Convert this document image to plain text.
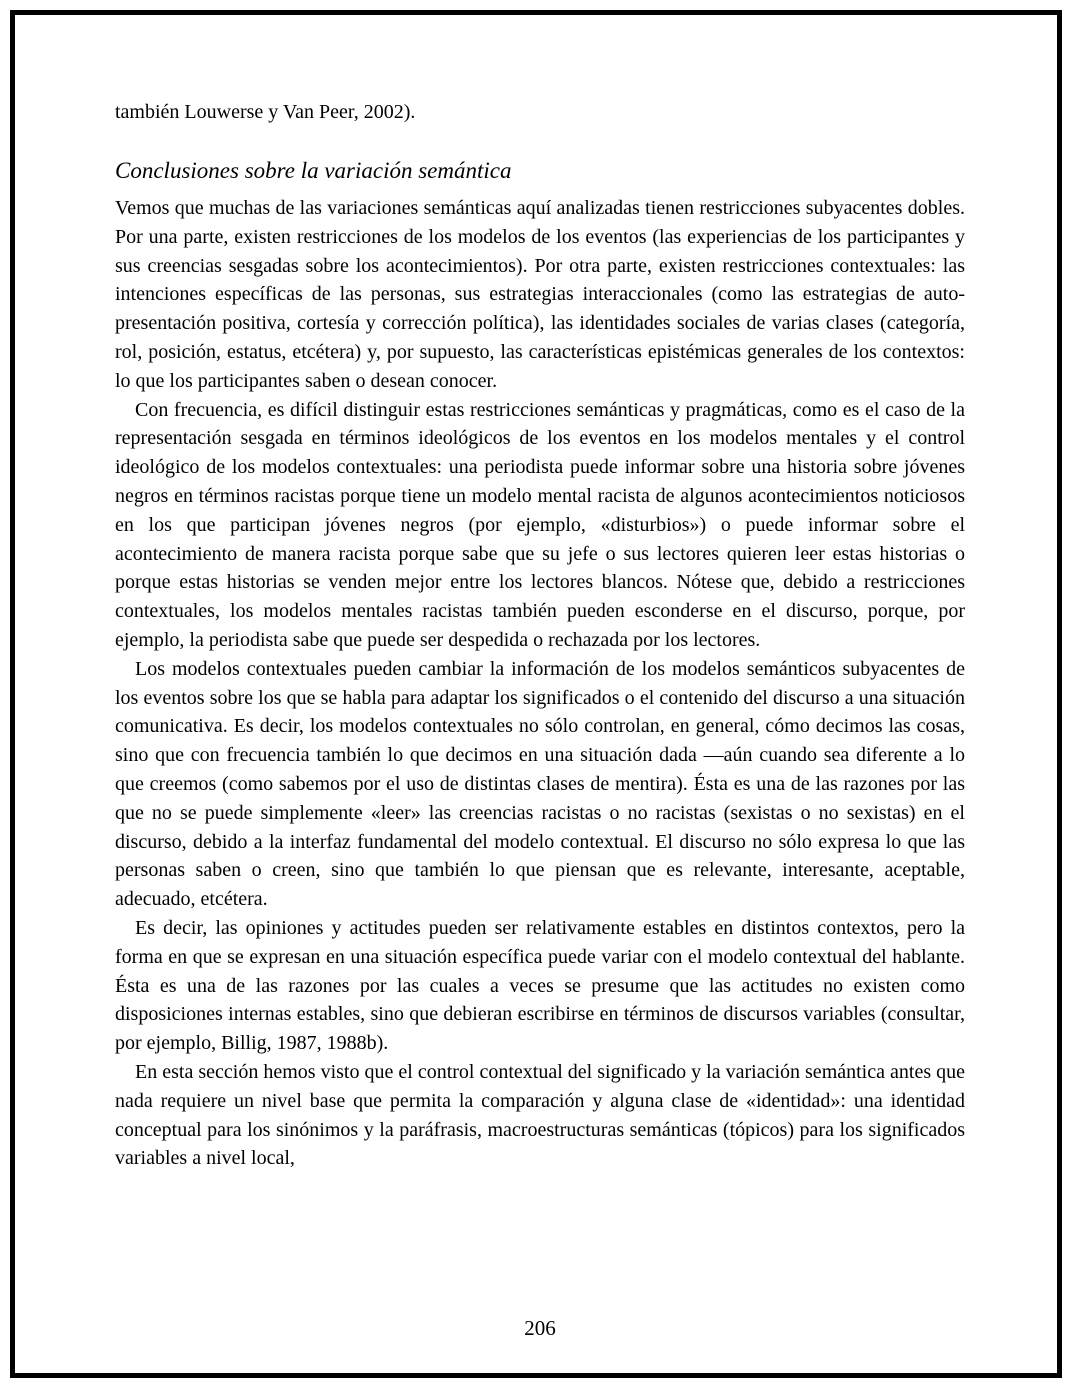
también Louwerse y Van Peer, 2002).

Conclusiones sobre la variación semántica

Vemos que muchas de las variaciones semánticas aquí analizadas tienen restricciones subyacentes dobles. Por una parte, existen restricciones de los modelos de los eventos (las experiencias de los participantes y sus creencias sesgadas sobre los acontecimientos). Por otra parte, existen restricciones contextuales: las intenciones específicas de las personas, sus estrategias interaccionales (como las estrategias de auto-presentación positiva, cortesía y corrección política), las identidades sociales de varias clases (categoría, rol, posición, estatus, etcétera) y, por supuesto, las características epistémicas generales de los contextos: lo que los participantes saben o desean conocer.

Con frecuencia, es difícil distinguir estas restricciones semánticas y pragmáticas, como es el caso de la representación sesgada en términos ideológicos de los eventos en los modelos mentales y el control ideológico de los modelos contextuales: una periodista puede informar sobre una historia sobre jóvenes negros en términos racistas porque tiene un modelo mental racista de algunos acontecimientos noticiosos en los que participan jóvenes negros (por ejemplo, «disturbios») o puede informar sobre el acontecimiento de manera racista porque sabe que su jefe o sus lectores quieren leer estas historias o porque estas historias se venden mejor entre los lectores blancos. Nótese que, debido a restricciones contextuales, los modelos mentales racistas también pueden esconderse en el discurso, porque, por ejemplo, la periodista sabe que puede ser despedida o rechazada por los lectores.

Los modelos contextuales pueden cambiar la información de los modelos semánticos subyacentes de los eventos sobre los que se habla para adaptar los significados o el contenido del discurso a una situación comunicativa. Es decir, los modelos contextuales no sólo controlan, en general, cómo decimos las cosas, sino que con frecuencia también lo que decimos en una situación dada —aún cuando sea diferente a lo que creemos (como sabemos por el uso de distintas clases de mentira). Ésta es una de las razones por las que no se puede simplemente «leer» las creencias racistas o no racistas (sexistas o no sexistas) en el discurso, debido a la interfaz fundamental del modelo contextual. El discurso no sólo expresa lo que las personas saben o creen, sino que también lo que piensan que es relevante, interesante, aceptable, adecuado, etcétera.

Es decir, las opiniones y actitudes pueden ser relativamente estables en distintos contextos, pero la forma en que se expresan en una situación específica puede variar con el modelo contextual del hablante. Ésta es una de las razones por las cuales a veces se presume que las actitudes no existen como disposiciones internas estables, sino que debieran escribirse en términos de discursos variables (consultar, por ejemplo, Billig, 1987, 1988b).

En esta sección hemos visto que el control contextual del significado y la variación semántica antes que nada requiere un nivel base que permita la comparación y alguna clase de «identidad»: una identidad conceptual para los sinónimos y la paráfrasis, macroestructuras semánticas (tópicos) para los significados variables a nivel local,

206
